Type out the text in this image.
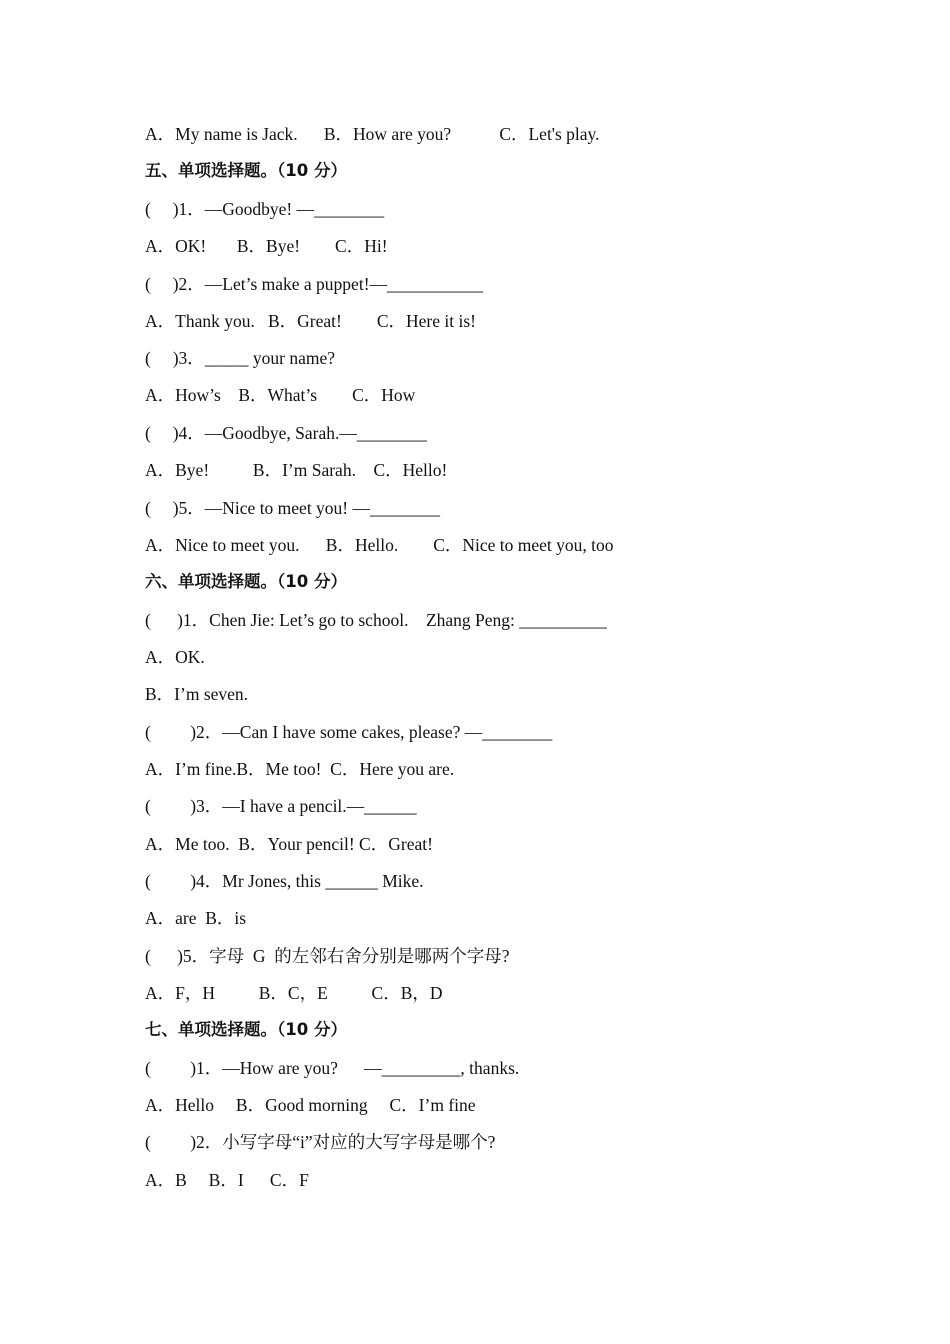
A．My name is Jack.      B．How are you?           C．Let's play.
五、单项选择题。（10 分）
(     )1．—Goodbye! —________
A．OK!       B．Bye!        C．Hi!
(     )2．—Let’s make a puppet!—___________
A．Thank you.   B．Great!        C．Here it is!
(     )3．_____ your name?
A．How’s    B．What’s        C．How
(     )4．—Goodbye, Sarah.—________
A．Bye!          B．I’m Sarah.    C．Hello!
(     )5．—Nice to meet you! —________
A．Nice to meet you.      B．Hello.        C．Nice to meet you, too
六、单项选择题。（10 分）
(      )1．Chen Jie: Let’s go to school.    Zhang Peng: __________
A．OK.
B．I’m seven.
(         )2．—Can I have some cakes, please? —________
A．I’m fine.B．Me too!  C．Here you are.
(         )3．—I have a pencil.—______
A．Me too.  B．Your pencil! C．Great!
(         )4．Mr Jones, this ______ Mike.
A．are  B．is
(      )5．字母  G  的左邻右舍分别是哪两个字母?
A．F，H          B．C，E          C．B，D
七、单项选择题。（10 分）
(         )1．—How are you?      —_________, thanks.
A．Hello     B．Good morning     C．I’m fine
(         )2．小写字母“i”对应的大写字母是哪个?
A．B     B．I      C．F
